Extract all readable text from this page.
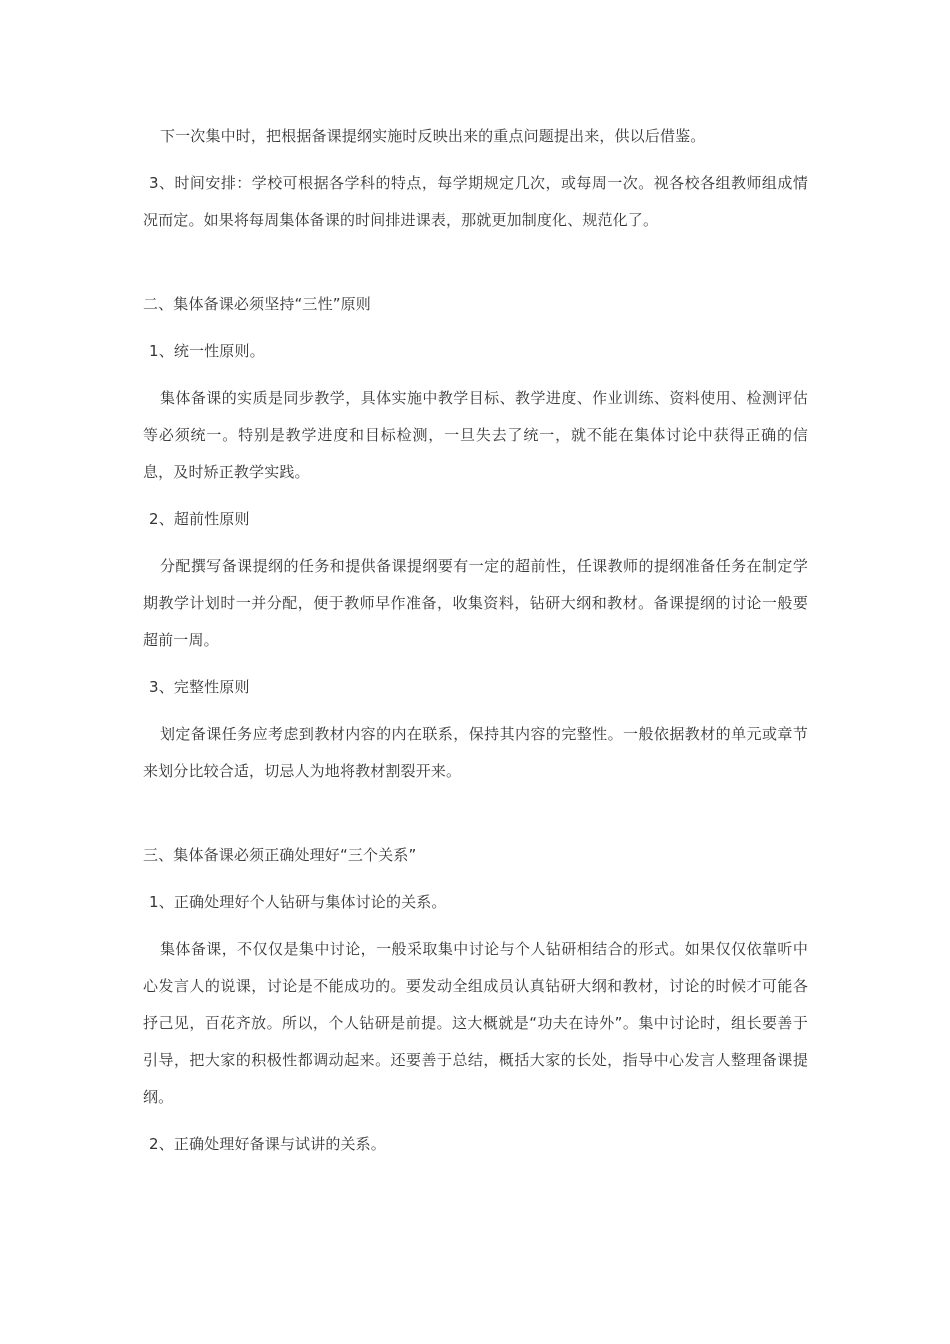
下一次集中时，把根据备课提纲实施时反映出来的重点问题提出来，供以后借鉴。

3、时间安排：学校可根据各学科的特点，每学期规定几次，或每周一次。视各校各组教师组成情况而定。如果将每周集体备课的时间排进课表，那就更加制度化、规范化了。

二、集体备课必须坚持“三性”原则

1、统一性原则。

集体备课的实质是同步教学，具体实施中教学目标、教学进度、作业训练、资料使用、检测评估等必须统一。特别是教学进度和目标检测，一旦失去了统一，就不能在集体讨论中获得正确的信息，及时矫正教学实践。

2、超前性原则

分配撰写备课提纲的任务和提供备课提纲要有一定的超前性，任课教师的提纲准备任务在制定学期教学计划时一并分配，便于教师早作准备，收集资料，钻研大纲和教材。备课提纲的讨论一般要超前一周。

3、完整性原则

划定备课任务应考虑到教材内容的内在联系，保持其内容的完整性。一般依据教材的单元或章节来划分比较合适，切忌人为地将教材割裂开来。

三、集体备课必须正确处理好“三个关系”

1、正确处理好个人钻研与集体讨论的关系。

集体备课，不仅仅是集中讨论，一般采取集中讨论与个人钻研相结合的形式。如果仅仅依靠听中心发言人的说课，讨论是不能成功的。要发动全组成员认真钻研大纲和教材，讨论的时候才可能各抒己见，百花齐放。所以，个人钻研是前提。这大概就是“功夫在诗外”。集中讨论时，组长要善于引导，把大家的积极性都调动起来。还要善于总结，概括大家的长处，指导中心发言人整理备课提纲。

2、正确处理好备课与试讲的关系。
